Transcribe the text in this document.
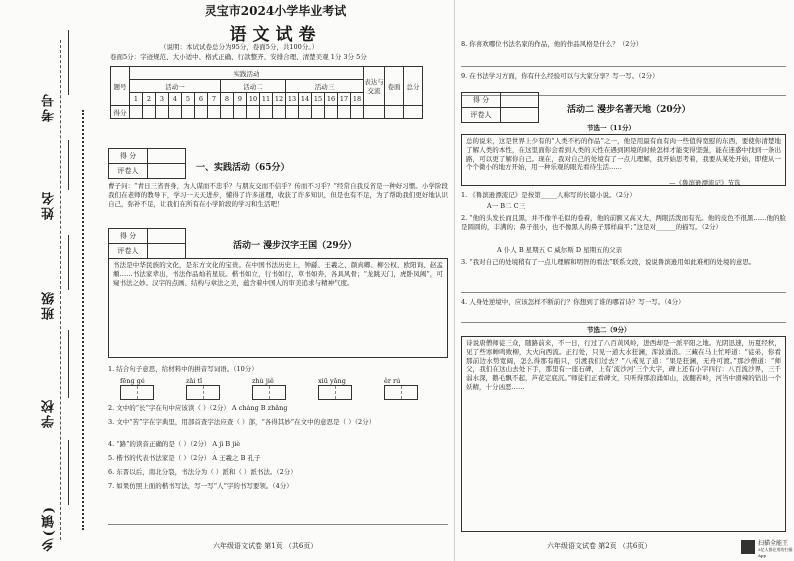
考号
姓名
班级
学校
乡(镇)
灵宝市2024小学毕业考试
语文试卷
（说明：本试试卷总分为95分，卷面5分，共100分。）
卷面5分：字迹规范、大小适中、格式正确、行款整齐、安排合理、清楚美观 1分 3分 5分
题号	实践活动																		表达与交流	卷面	总分
	活动一							活动二					活动三								
	1	2	3	4	5	6	7	8	9	10	11	12	13	14	15	16	17	18			
得分																					
得 分
评卷人	一、实践活动（65分）
曹子问：“青日三省吾身，为人谋而不忠乎？与朋友交而不信乎？传而不习乎？”经常自我反省是一种好习惯。小学阶段我们在老师的教导下，学习一天天进步，懂得了许多道理，收获了许多知识，但是也有不足，为了帮助我们更好地认识自己，弥补不足，让我们在所有在小学阶段的学习和生活吧！
得 分
评卷人	活动一 漫步汉字王国（29分）
书法是中华民族的文化，是东方文化的宝贵。在中国书法历史上，钟繇、王羲之、颜真卿、柳公权、欧阳询、赵孟頫……书法家辈出，书法作品灿若星辰。楷书如立，行书如行，草书如奔，各具风骨；“龙跳天门，虎卧凤阙”，可窥书法之妙。汉字的点画、结构与章法之美，蕴含着中国人的审美追求与精神气度。
1. 结合句子意思，给材料中的拼音写词语。（10分）
fēnɡ ɡé	zǎi tǐ	zhù jiě	xiū yǎnɡ	ěr rú
2. 文中的“长”字在句中应该读（ ）（2分） A chánɡ B zhǎnɡ
3. 文中“苦”字在字典里，用部首查字法应查（ ）部，“各得其妙”在文中的意思是（ ）（2分）
4. “路”的读音正确的是（ ）（2分） A jì B jiè
5. 楷书的代表书法家是（ ）（2分） A 王羲之 B 孔子
6. 东晋以后，南北分裂，书法分为（ ）派和（ ）派书法。（2分）
7. 如果仿照上面的楷书写法，写一写“人”字的书写要领。（4分）
六年级语文试卷 第1页 （共6页）
8. 你喜欢哪位书法名家的作品，他的作品风格是什么？（2分）
9. 在书法学习方面，你有什么经验可以与大家分享？写一写。（2分）
得 分
评卷人	活动二 漫步名著天地（20分）
节选一（11分）
总的说来，这是世界上少有的“人类不朽的作品”之一，他是用最有血有肉一些值得宽慰的东西，要使你清楚地了解人类的本性，在这里面你会看到人类的天性在遇到困境的时候怎样才能变得坚强，能在迷惑中找到一条出路，可以更了解你自己。现在，我对自己的处境有了一点儿理解，我开始思考着，我要从某处开始，即使从一个个微小的地方开始，用一种乐观的眼光看待生活……
—《鲁滨逊漂流记》节选
1. 《鲁滨逊漂流记》是按第_____人称写的长篇小说。（2分）
A一 B二 C三
2. “他的头发长而且黑，并不像羊毛似的卷着，他的前额又高又大，两眼活泼而有光。他的皮色不很黑……他的脸是圆圆的，丰满的；鼻子很小，也不像黑人的鼻子那样扁平；”这是对______的描写。（2分）
A 仆人 B 星期五 C 威尔斯 D 星期五的父亲
3. “我对自己的处境稍有了一点儿理解和明智的看法”联系文段，说说鲁滨逊用如此难相的处境的意思。
4. 人身处逆境中，应该怎样不断前行？你想到了谁的哪首诗？写一写。（4分）
节选二（9分）
诗说唐僧师徒三众，随路前来，不一日，行过了八百黄风岭，进西却是一派平阳之地。光阴迅速，历夏经秋，见了些寒蝉鸣败柳，大火向西流。正行处，只见一道大水狂澜，浑波涌浪。三藏在马上忙呼道：“徒弟，你看那前边水势宽阔，怎么得那有船只，引渡我们过去？”八戒见了道：“果是狂澜，无舟可渡。”那沙僧道：“师父，我们在这山去处下手，那里有一座石碑，上有‘流沙河’三个大字，碑上还有小字四行：八百流沙界，三千弱水深，鹅毛飘不起，芦花定底沉。”师徒们正看碑文，只听得那浪涌如山，波翻若岭，河当中滑辣的钻出一个妖精，十分凶恶……
六年级语文试卷 第2页 （共6页）	扫描全能王
3亿人都在用的扫描App
